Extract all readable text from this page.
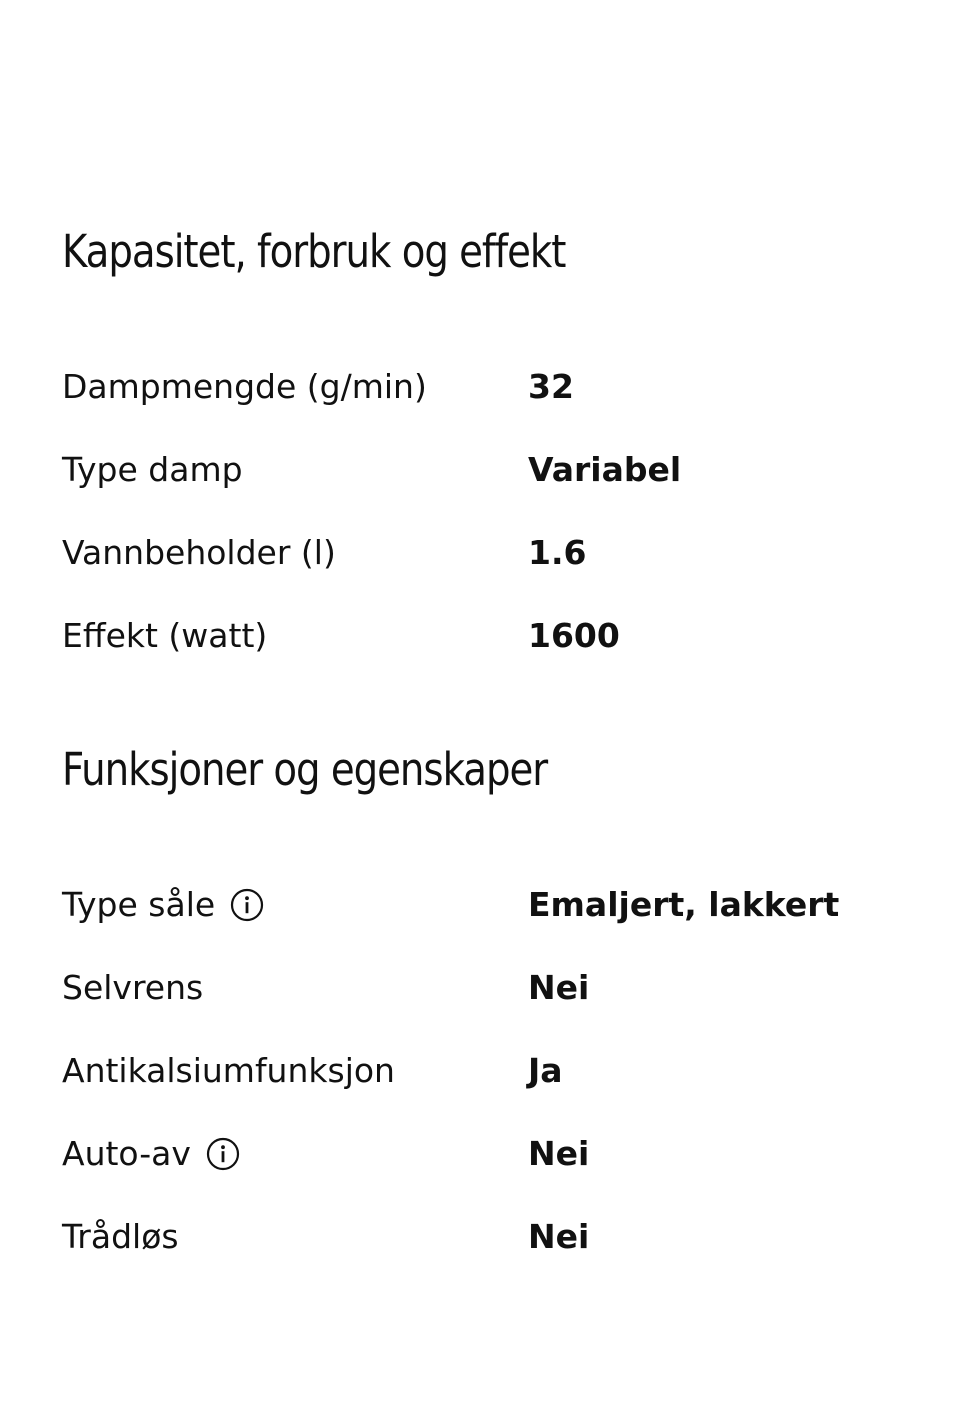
Kapasitet, forbruk og effekt
Dampmengde (g/min)	32
Type damp	Variabel
Vannbeholder (l)	1.6
Effekt (watt)	1600
Funksjoner og egenskaper
Type såle	Emaljert, lakkert
Selvrens	Nei
Antikalsiumfunksjon	Ja
Auto-av	Nei
Trådløs	Nei
